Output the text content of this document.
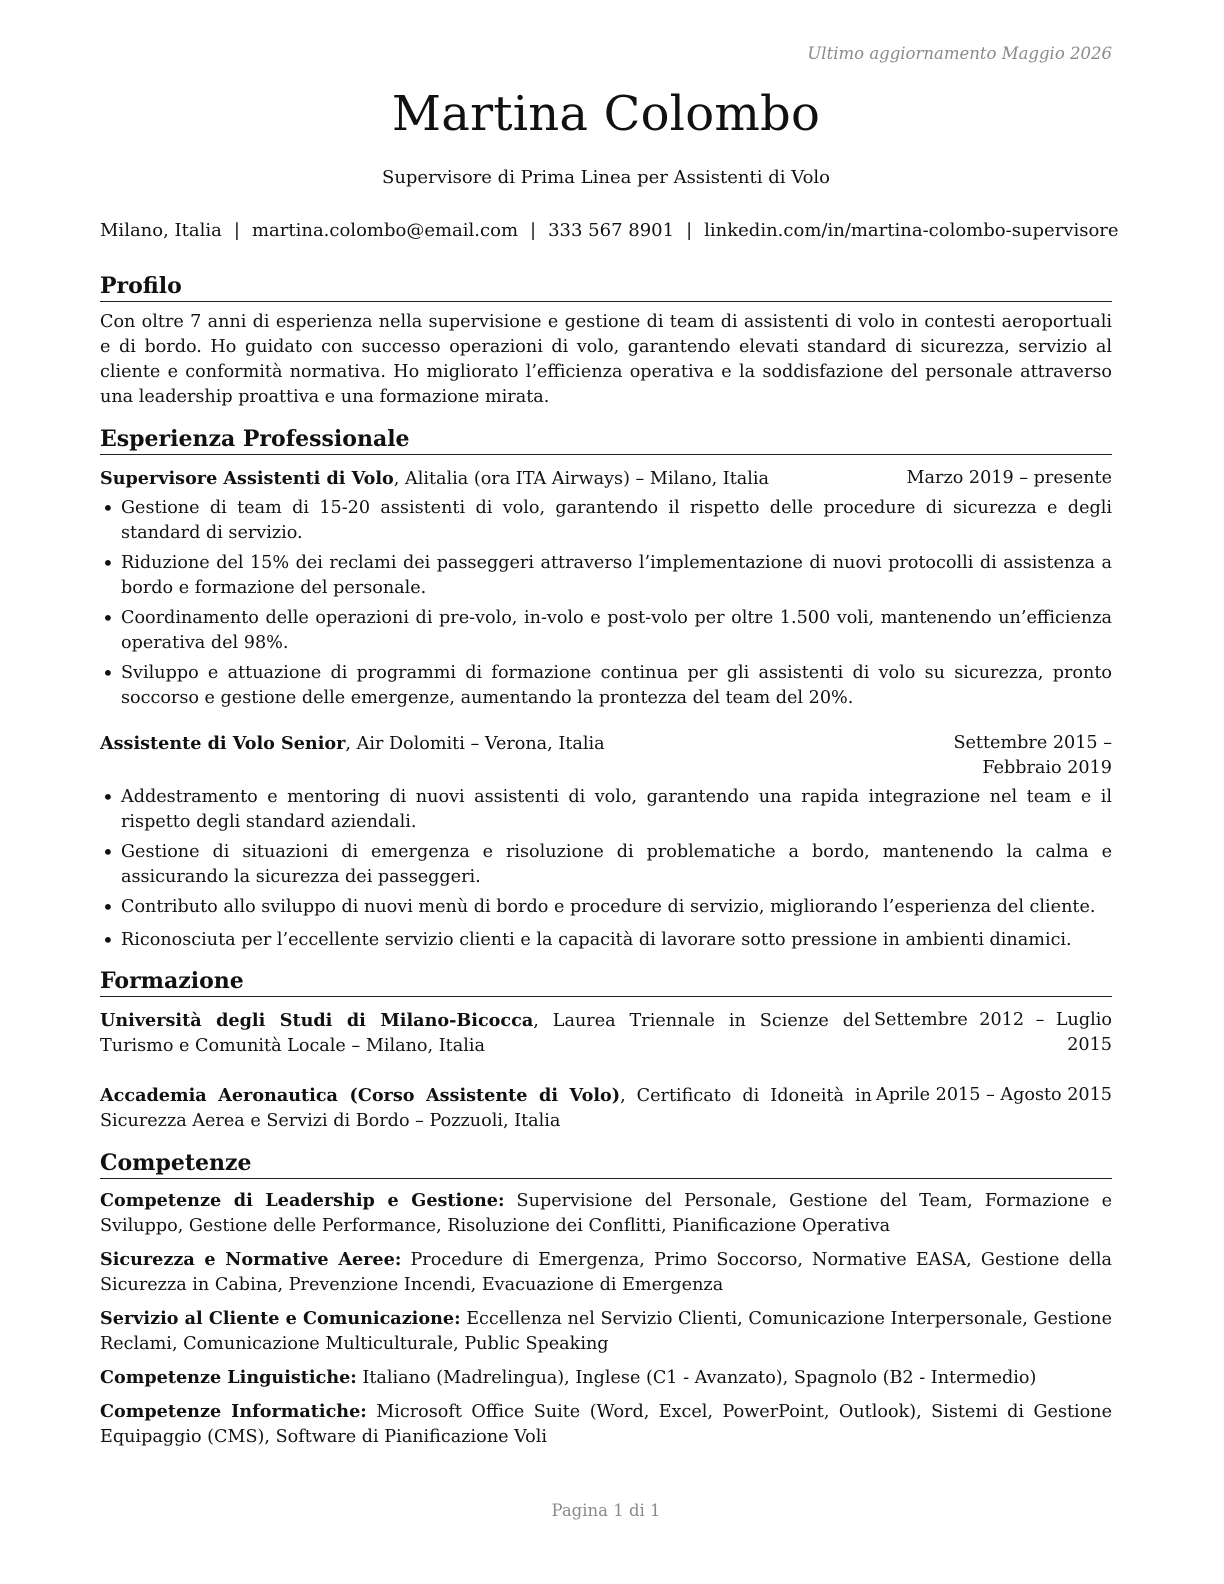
Ultimo aggiornamento Maggio 2026
Martina Colombo
Supervisore di Prima Linea per Assistenti di Volo
Milano, Italia | martina.colombo@email.com | 333 567 8901 | linkedin.com/in/martina-colombo-supervisore
Profilo

Con oltre 7 anni di esperienza nella supervisione e gestione di team di assistenti di volo in contesti aeroportuali e di bordo. Ho guidato con successo operazioni di volo, garantendo elevati standard di sicurezza, servizio al cliente e conformità normativa. Ho migliorato l’efficienza operativa e la soddisfazione del personale attraverso una leadership proattiva e una formazione mirata.

Esperienza Professionale
Supervisore Assistenti di Volo, Alitalia (ora ITA Airways) – Milano, Italia	Marzo 2019 – presente
• Gestione di team di 15-20 assistenti di volo, garantendo il rispetto delle procedure di sicurezza e degli standard di servizio.
• Riduzione del 15% dei reclami dei passeggeri attraverso l’implementazione di nuovi protocolli di assistenza a bordo e formazione del personale.
• Coordinamento delle operazioni di pre-volo, in-volo e post-volo per oltre 1.500 voli, mantenendo un’efficienza operativa del 98%.
• Sviluppo e attuazione di programmi di formazione continua per gli assistenti di volo su sicurezza, pronto soccorso e gestione delle emergenze, aumentando la prontezza del team del 20%.
Assistente di Volo Senior, Air Dolomiti – Verona, Italia	Settembre 2015 – Febbraio 2019
• Addestramento e mentoring di nuovi assistenti di volo, garantendo una rapida integrazione nel team e il rispetto degli standard aziendali.
• Gestione di situazioni di emergenza e risoluzione di problematiche a bordo, mantenendo la calma e assicurando la sicurezza dei passeggeri.
• Contributo allo sviluppo di nuovi menù di bordo e procedure di servizio, migliorando l’esperienza del cliente.
• Riconosciuta per l’eccellente servizio clienti e la capacità di lavorare sotto pressione in ambienti dinamici.
Formazione
Università degli Studi di Milano-Bicocca, Laurea Triennale in Scienze del Turismo e Comunità Locale – Milano, Italia
Settembre 2012 – Luglio 2015
Accademia Aeronautica (Corso Assistente di Volo), Certificato di Idoneità in Sicurezza Aerea e Servizi di Bordo – Pozzuoli, Italia
Aprile 2015 – Agosto 2015
Competenze
Competenze di Leadership e Gestione: Supervisione del Personale, Gestione del Team, Formazione e Sviluppo, Gestione delle Performance, Risoluzione dei Conflitti, Pianificazione Operativa
Sicurezza e Normative Aeree: Procedure di Emergenza, Primo Soccorso, Normative EASA, Gestione della Sicurezza in Cabina, Prevenzione Incendi, Evacuazione di Emergenza
Servizio al Cliente e Comunicazione: Eccellenza nel Servizio Clienti, Comunicazione Interpersonale, Gestione Reclami, Comunicazione Multiculturale, Public Speaking
Competenze Linguistiche: Italiano (Madrelingua), Inglese (C1 - Avanzato), Spagnolo (B2 - Intermedio)
Competenze Informatiche: Microsoft Office Suite (Word, Excel, PowerPoint, Outlook), Sistemi di Gestione Equipaggio (CMS), Software di Pianificazione Voli
Pagina 1 di 1
